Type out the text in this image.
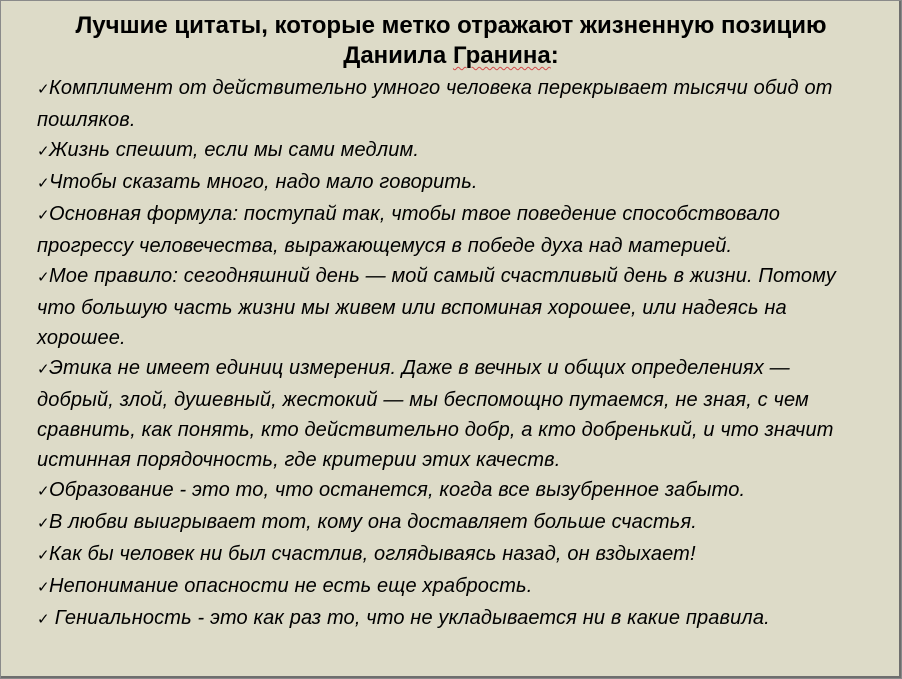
Лучшие цитаты, которые метко отражают жизненную позицию
Даниила Гранина:

✓Комплимент от действительно умного человека перекрывает тысячи обид от пошляков.

✓Жизнь спешит, если мы сами медлим.

✓Чтобы сказать много, надо мало говорить.

✓Основная формула: поступай так, чтобы твое поведение способствовало прогрессу человечества, выражающемуся в победе духа над материей.

✓Мое правило: сегодняшний день — мой самый счастливый день в жизни. Потому что большую часть жизни мы живем или вспоминая хорошее, или надеясь на хорошее.

✓Этика не имеет единиц измерения. Даже в вечных и общих определениях — добрый, злой, душевный, жестокий — мы беспомощно путаемся, не зная, с чем сравнить, как понять, кто действительно добр, а кто добренький, и что значит истинная порядочность, где критерии этих качеств.

✓Образование - это то, что останется, когда все вызубренное забыто.

✓В любви выигрывает тот, кому она доставляет больше счастья.

✓Как бы человек ни был счастлив, оглядываясь назад, он вздыхает!

✓Непонимание опасности не есть еще храбрость.

✓ Гениальность - это как раз то, что не укладывается ни в какие правила.
